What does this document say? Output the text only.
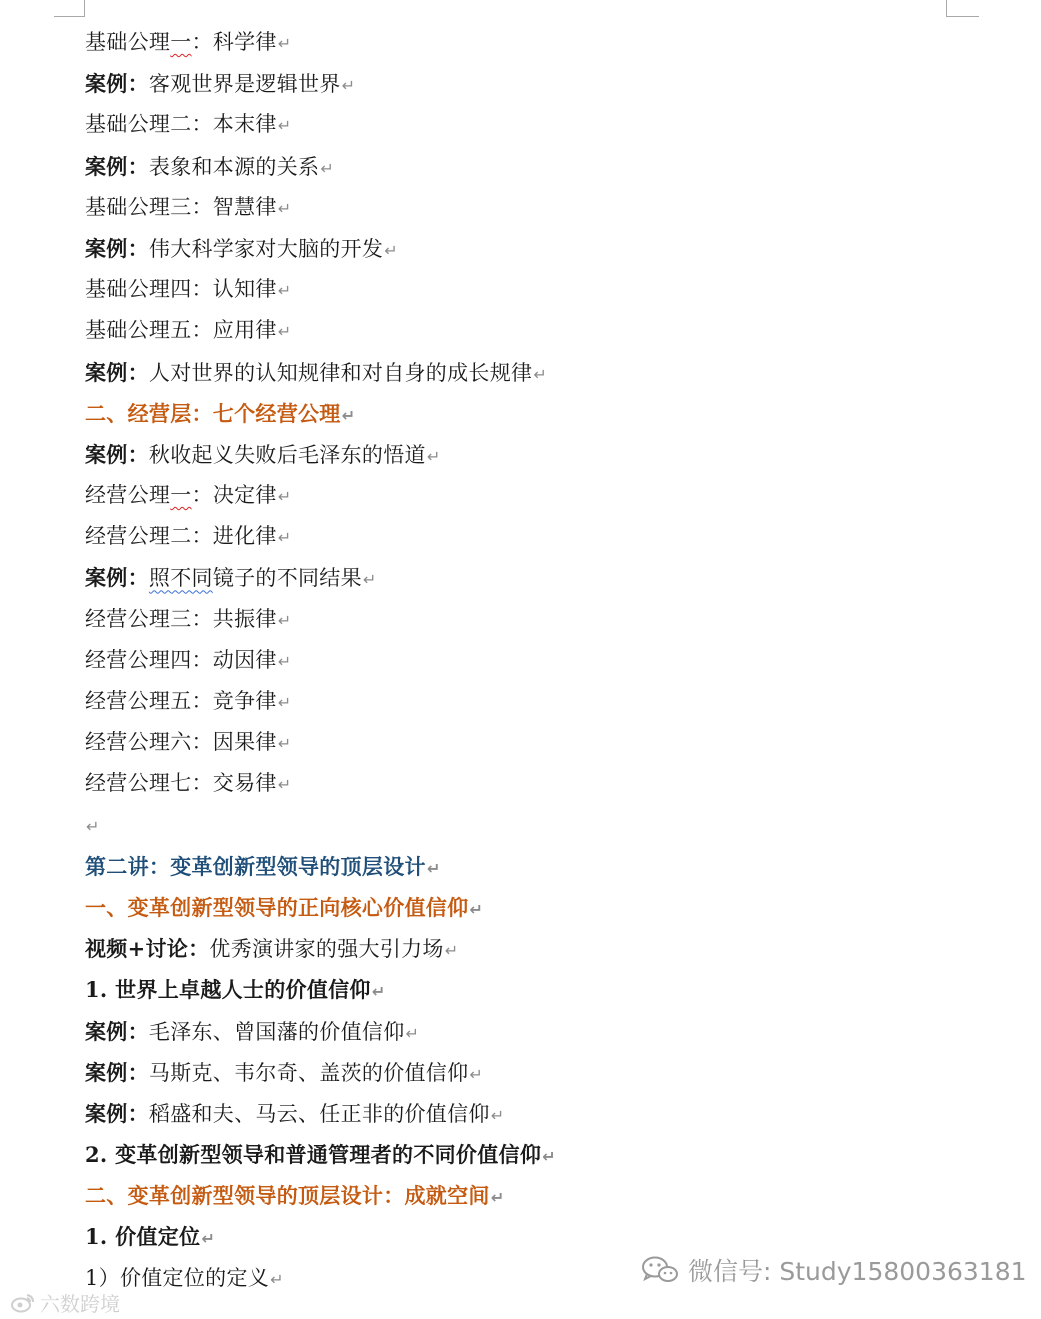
基础公理一：科学律↵
案例：客观世界是逻辑世界↵
基础公理二：本末律↵
案例：表象和本源的关系↵
基础公理三：智慧律↵
案例：伟大科学家对大脑的开发↵
基础公理四：认知律↵
基础公理五：应用律↵
案例：人对世界的认知规律和对自身的成长规律↵
二、经营层：七个经营公理↵
案例：秋收起义失败后毛泽东的悟道↵
经营公理一：决定律↵
经营公理二：进化律↵
案例：照不同镜子的不同结果↵
经营公理三：共振律↵
经营公理四：动因律↵
经营公理五：竞争律↵
经营公理六：因果律↵
经营公理七：交易律↵
↵
第二讲：变革创新型领导的顶层设计↵
一、变革创新型领导的正向核心价值信仰↵
视频+讨论：优秀演讲家的强大引力场↵
1. 世界上卓越人士的价值信仰↵
案例：毛泽东、曾国藩的价值信仰↵
案例：马斯克、韦尔奇、盖茨的价值信仰↵
案例：稻盛和夫、马云、任正非的价值信仰↵
2. 变革创新型领导和普通管理者的不同价值信仰↵
二、变革创新型领导的顶层设计：成就空间↵
1. 价值定位↵
1）价值定位的定义↵
六数跨境
微信号: Study15800363181
